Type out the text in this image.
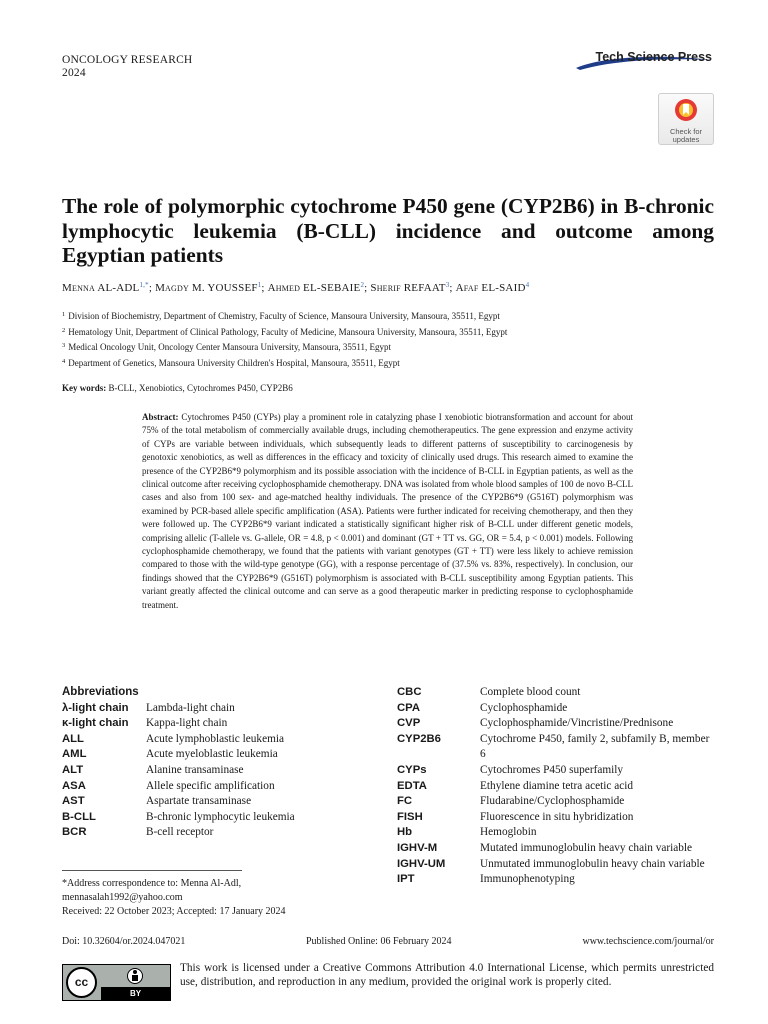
ONCOLOGY RESEARCH
2024
Tech Science Press
Check for
updates
The role of polymorphic cytochrome P450 gene (CYP2B6) in B-chronic lymphocytic leukemia (B-CLL) incidence and outcome among Egyptian patients
Menna $AL-ADL^{1,*}$; Magdy M. YOUSSEF$^1$; Ahmed EL-SEBAIE$^2$; Sherif REFAAT$^3$; Afaf EL-SAID$^4$
$^1$ Division of Biochemistry, Department of Chemistry, Faculty of Science, Mansoura University, Mansoura, 35511, Egypt
$^2$ Hematology Unit, Department of Clinical Pathology, Faculty of Medicine, Mansoura University, Mansoura, 35511, Egypt
$^3$ Medical Oncology Unit, Oncology Center Mansoura University, Mansoura, 35511, Egypt
$^4$ Department of Genetics, Mansoura University Children's Hospital, Mansoura, 35511, Egypt
Key words: B-CLL, Xenobiotics, Cytochromes P450, CYP2B6
Abstract: Cytochromes P450 (CYPs) play a prominent role in catalyzing phase I xenobiotic biotransformation and account for about 75% of the total metabolism of commercially available drugs, including chemotherapeutics. The gene expression and enzyme activity of CYPs are variable between individuals, which subsequently leads to different patterns of susceptibility to carcinogenesis by genotoxic xenobiotics, as well as differences in the efficacy and toxicity of clinically used drugs. This research aimed to examine the presence of the CYP2B6*9 polymorphism and its possible association with the incidence of B-CLL in Egyptian patients, as well as the clinical outcome after receiving cyclophosphamide chemotherapy. DNA was isolated from whole blood samples of 100 de novo B-CLL cases and also from 100 sex- and age-matched healthy individuals. The presence of the CYP2B6*9 (G516T) polymorphism was examined by PCR-based allele specific amplification (ASA). Patients were further indicated for receiving chemotherapy, and then they were followed up. The CYP2B6*9 variant indicated a statistically significant higher risk of B-CLL under different genetic models, comprising allelic (T-allele vs. G-allele, OR = 4.8, p < 0.001) and dominant (GT + TT vs. GG, OR = 5.4, p < 0.001) models. Following cyclophosphamide chemotherapy, we found that the patients with variant genotypes (GT + TT) were less likely to achieve remission compared to those with the wild-type genotype (GG), with a response percentage of (37.5% vs. 83%, respectively). In conclusion, our findings showed that the CYP2B6*9 (G516T) polymorphism is associated with B-CLL susceptibility among Egyptian patients. This variant greatly affected the clinical outcome and can serve as a good therapeutic marker in predicting response to cyclophosphamide treatment.
Abbreviations
λ-light chain	Lambda-light chain
κ-light chain	Kappa-light chain
ALL	Acute lymphoblastic leukemia
AML	Acute myeloblastic leukemia
ALT	Alanine transaminase
ASA	Allele specific amplification
AST	Aspartate transaminase
B-CLL	B-chronic lymphocytic leukemia
BCR	B-cell receptor
CBC	Complete blood count
CPA	Cyclophosphamide
CVP	Cyclophosphamide/Vincristine/Prednisone
CYP2B6	Cytochrome P450, family 2, subfamily B, member 6
CYPs	Cytochromes P450 superfamily
EDTA	Ethylene diamine tetra acetic acid
FC	Fludarabine/Cyclophosphamide
FISH	Fluorescence in situ hybridization
Hb	Hemoglobin
IGHV-M	Mutated immunoglobulin heavy chain variable
IGHV-UM	Unmutated immunoglobulin heavy chain variable
IPT	Immunophenotyping
*Address correspondence to: Menna Al-Adl,
mennasalah1992@yahoo.com
Received: 22 October 2023; Accepted: 17 January 2024
Doi: 10.32604/or.2024.047021	Published Online: 06 February 2024	www.techscience.com/journal/or
cc
BY
This work is licensed under a Creative Commons Attribution 4.0 International License, which permits unrestricted use, distribution, and reproduction in any medium, provided the original work is properly cited.
